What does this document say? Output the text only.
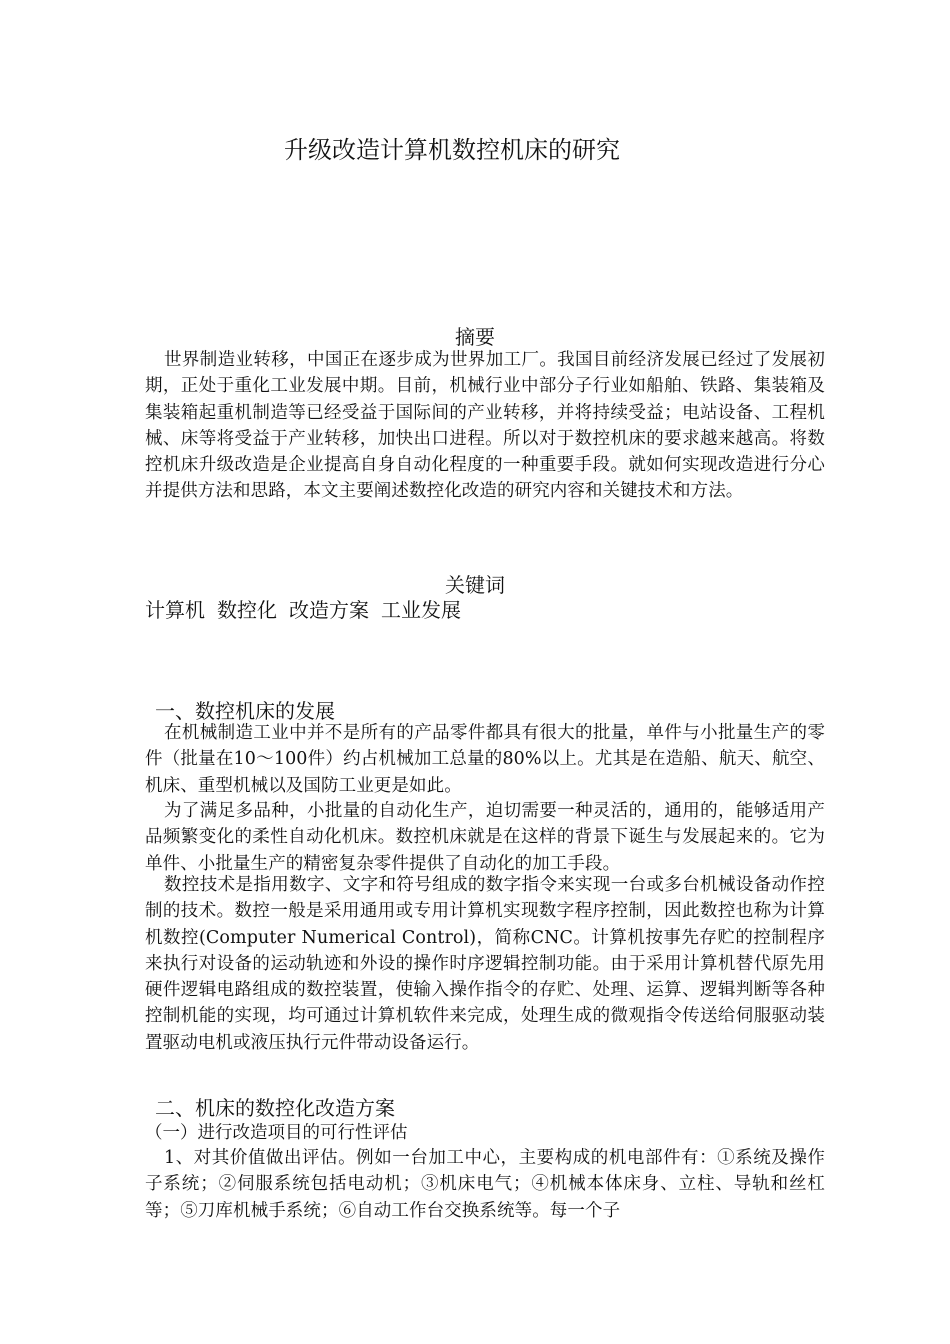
升级改造计算机数控机床的研究
摘要

世界制造业转移，中国正在逐步成为世界加工厂。我国目前经济发展已经过了发展初期，正处于重化工业发展中期。目前，机械行业中部分子行业如船舶、铁路、集装箱及集装箱起重机制造等已经受益于国际间的产业转移，并将持续受益；电站设备、工程机械、床等将受益于产业转移，加快出口进程。所以对于数控机床的要求越来越高。将数控机床升级改造是企业提高自身自动化程度的一种重要手段。就如何实现改造进行分心并提供方法和思路，本文主要阐述数控化改造的研究内容和关键技术和方法。

关键词
计算机 数控化 改造方案 工业发展
一、数控机床的发展

在机械制造工业中并不是所有的产品零件都具有很大的批量，单件与小批量生产的零件（批量在10～100件）约占机械加工总量的80%以上。尤其是在造船、航天、航空、机床、重型机械以及国防工业更是如此。

为了满足多品种，小批量的自动化生产，迫切需要一种灵活的，通用的，能够适用产品频繁变化的柔性自动化机床。数控机床就是在这样的背景下诞生与发展起来的。它为单件、小批量生产的精密复杂零件提供了自动化的加工手段。

数控技术是指用数字、文字和符号组成的数字指令来实现一台或多台机械设备动作控制的技术。数控一般是采用通用或专用计算机实现数字程序控制，因此数控也称为计算机数控(Computer Numerical Control)，简称CNC。计算机按事先存贮的控制程序来执行对设备的运动轨迹和外设的操作时序逻辑控制功能。由于采用计算机替代原先用硬件逻辑电路组成的数控装置，使输入操作指令的存贮、处理、运算、逻辑判断等各种控制机能的实现，均可通过计算机软件来完成，处理生成的微观指令传送给伺服驱动装置驱动电机或液压执行元件带动设备运行。

二、机床的数控化改造方案
（一）进行改造项目的可行性评估

1、对其价值做出评估。例如一台加工中心，主要构成的机电部件有：①系统及操作子系统；②伺服系统包括电动机；③机床电气；④机械本体床身、立柱、导轨和丝杠等；⑤刀库机械手系统；⑥自动工作台交换系统等。每一个子
